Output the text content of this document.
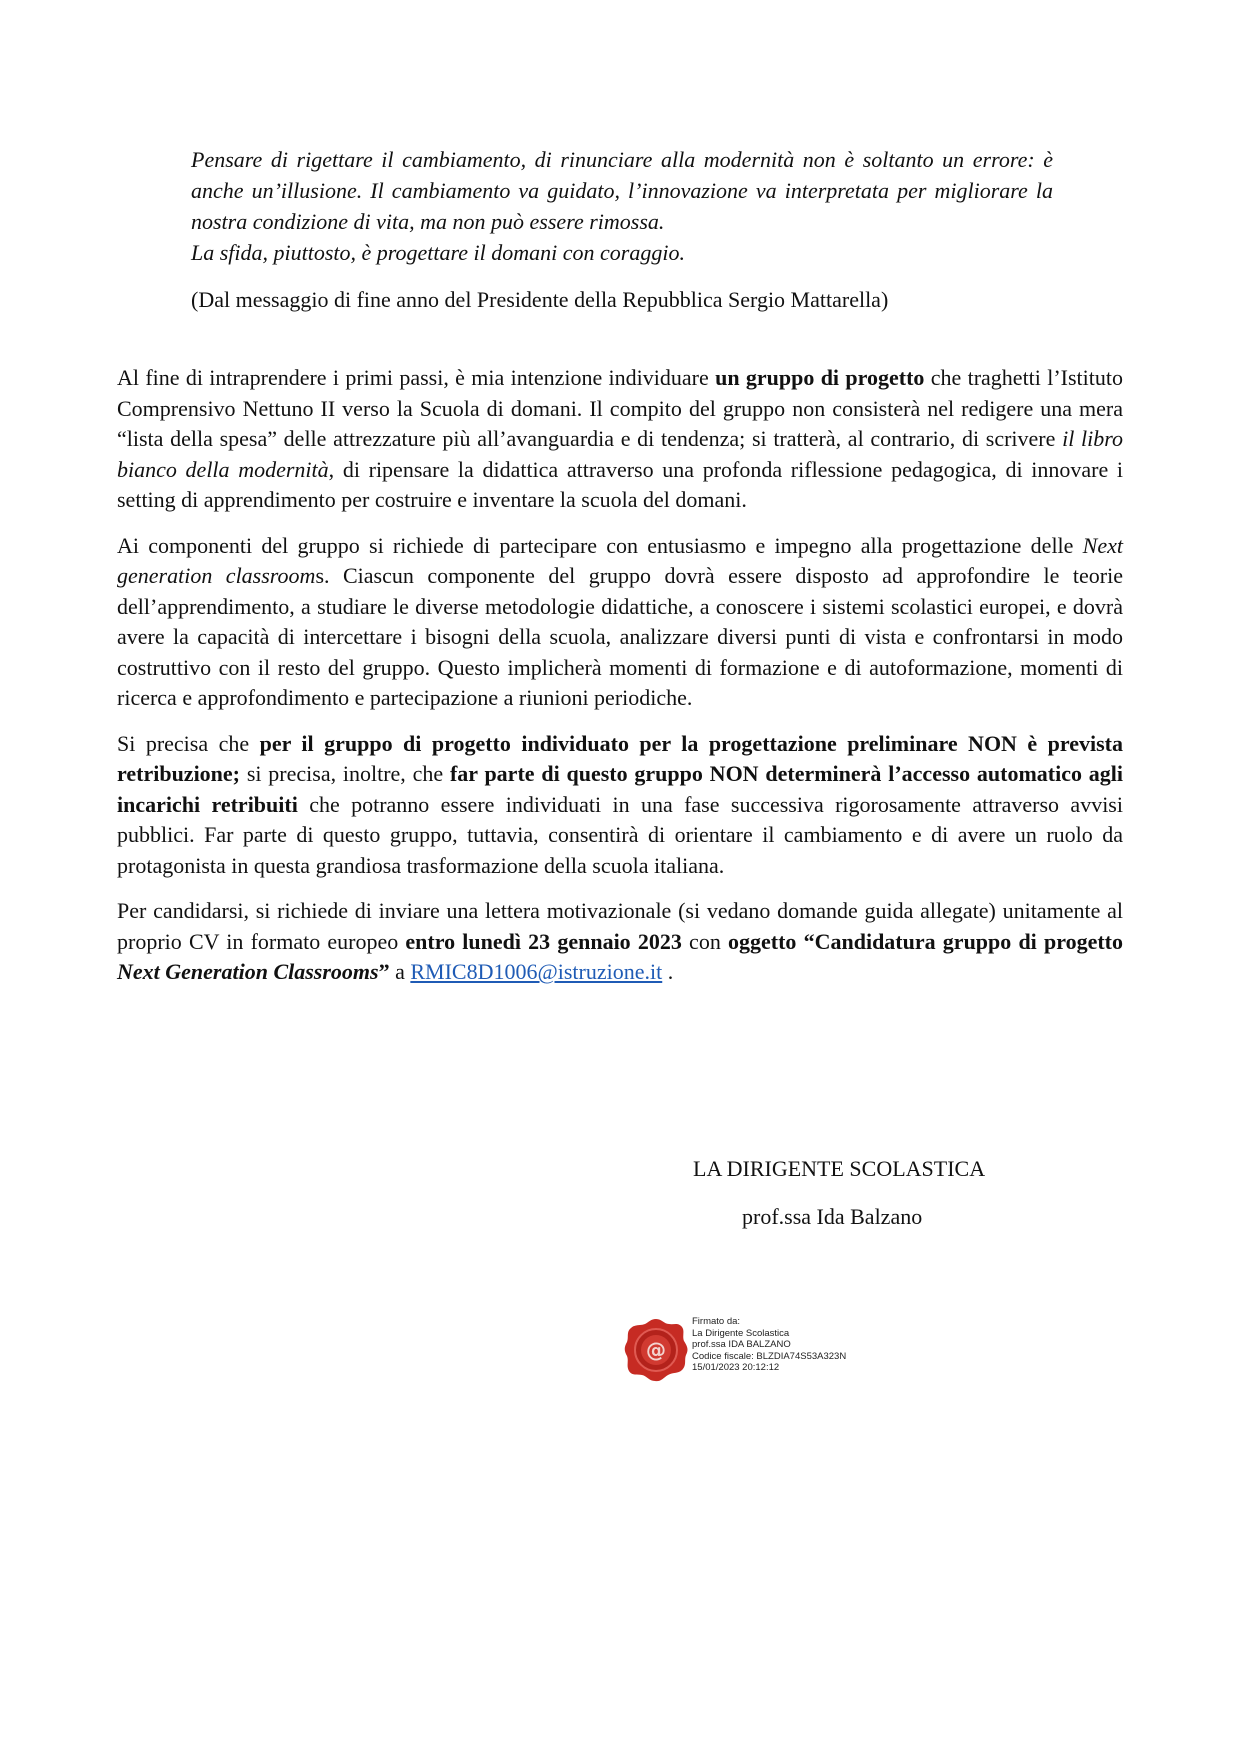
Pensare di rigettare il cambiamento, di rinunciare alla modernità non è soltanto un errore: è anche un’illusione. Il cambiamento va guidato, l’innovazione va interpretata per migliorare la nostra condizione di vita, ma non può essere rimossa.

La sfida, piuttosto, è progettare il domani con coraggio.

(Dal messaggio di fine anno del Presidente della Repubblica Sergio Mattarella)

Al fine di intraprendere i primi passi, è mia intenzione individuare un gruppo di progetto che traghetti l’Istituto Comprensivo Nettuno II verso la Scuola di domani. Il compito del gruppo non consisterà nel redigere una mera “lista della spesa” delle attrezzature più all’avanguardia e di tendenza; si tratterà, al contrario, di scrivere il libro bianco della modernità, di ripensare la didattica attraverso una profonda riflessione pedagogica, di innovare i setting di apprendimento per costruire e inventare la scuola del domani.

Ai componenti del gruppo si richiede di partecipare con entusiasmo e impegno alla progettazione delle Next generation classrooms. Ciascun componente del gruppo dovrà essere disposto ad approfondire le teorie dell’apprendimento, a studiare le diverse metodologie didattiche, a conoscere i sistemi scolastici europei, e dovrà avere la capacità di intercettare i bisogni della scuola, analizzare diversi punti di vista e confrontarsi in modo costruttivo con il resto del gruppo. Questo implicherà momenti di formazione e di autoformazione, momenti di ricerca e approfondimento e partecipazione a riunioni periodiche.

Si precisa che per il gruppo di progetto individuato per la progettazione preliminare NON è prevista retribuzione; si precisa, inoltre, che far parte di questo gruppo NON determinerà l’accesso automatico agli incarichi retribuiti che potranno essere individuati in una fase successiva rigorosamente attraverso avvisi pubblici. Far parte di questo gruppo, tuttavia, consentirà di orientare il cambiamento e di avere un ruolo da protagonista in questa grandiosa trasformazione della scuola italiana.

Per candidarsi, si richiede di inviare una lettera motivazionale (si vedano domande guida allegate) unitamente al proprio CV in formato europeo entro lunedì 23 gennaio 2023 con oggetto “Candidatura gruppo di progetto Next Generation Classrooms” a RMIC8D1006@istruzione.it .

LA DIRIGENTE SCOLASTICA
prof.ssa Ida Balzano
@
Firmato da:
La Dirigente Scolastica
prof.ssa IDA BALZANO
Codice fiscale: BLZDIA74S53A323N
15/01/2023 20:12:12
